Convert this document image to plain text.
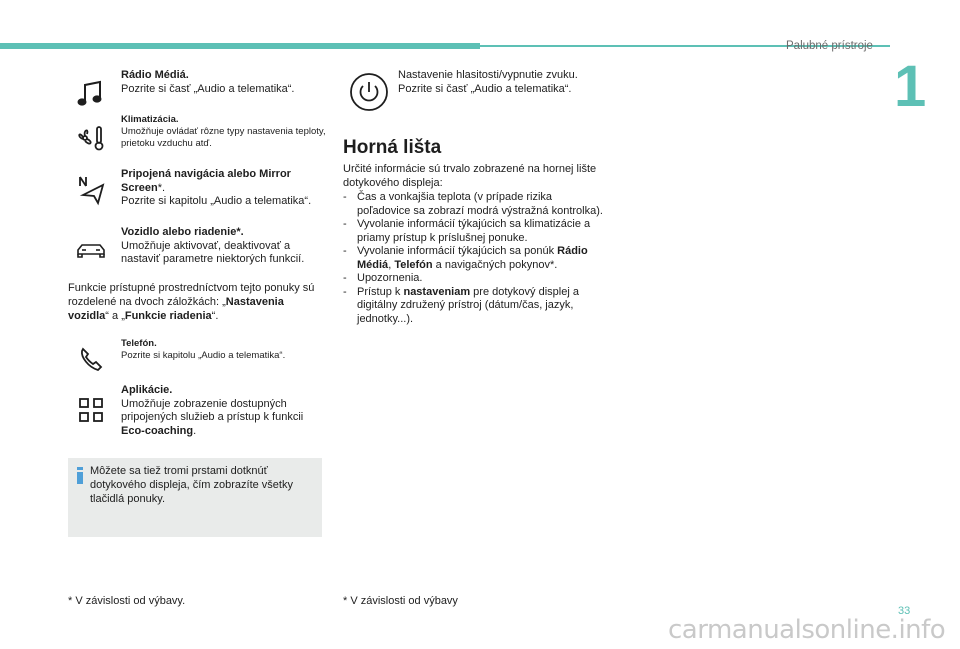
Palubné prístroje
1
Rádio Médiá.
Pozrite si časť „Audio a telematika“.
Klimatizácia.
Umožňuje ovládať rôzne typy nastavenia teploty, prietoku vzduchu atď.
Pripojená navigácia alebo Mirror Screen*.
Pozrite si kapitolu „Audio a telematika“.
Vozidlo alebo riadenie*.
Umožňuje aktivovať, deaktivovať a nastaviť parametre niektorých funkcií.
Funkcie prístupné prostredníctvom tejto ponuky sú rozdelené na dvoch záložkách: „Nastavenia vozidla“ a „Funkcie riadenia“.
Telefón.
Pozrite si kapitolu „Audio a telematika“.
Aplikácie.
Umožňuje zobrazenie dostupných pripojených služieb a prístup k funkcii Eco-coaching.
Môžete sa tiež tromi prstami dotknúť dotykového displeja, čím zobrazíte všetky tlačidlá ponuky.
Nastavenie hlasitosti/vypnutie zvuku. Pozrite si časť „Audio a telematika“.
Horná lišta
Určité informácie sú trvalo zobrazené na hornej lište dotykového displeja:
- Čas a vonkajšia teplota (v prípade rizika poľadovice sa zobrazí modrá výstražná kontrolka).
- Vyvolanie informácií týkajúcich sa klimatizácie a priamy prístup k príslušnej ponuke.
- Vyvolanie informácií týkajúcich sa ponúk Rádio Médiá, Telefón a navigačných pokynov*.
- Upozornenia.
- Prístup k nastaveniam pre dotykový displej a digitálny združený prístroj (dátum/čas, jazyk, jednotky...).
* V závislosti od výbavy.	* V závislosti od výbavy
33
carmanualsonline.info
